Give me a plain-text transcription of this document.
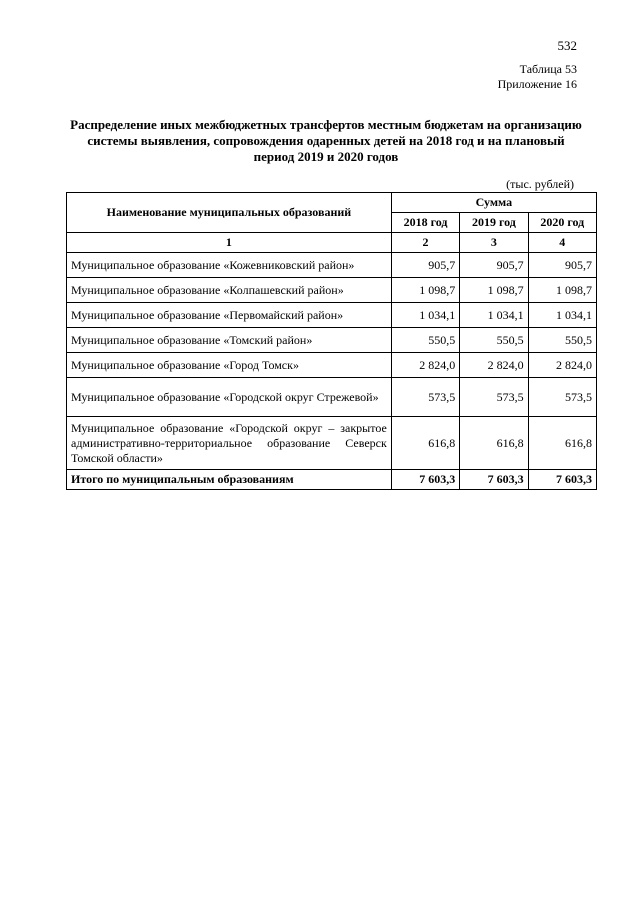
532
Таблица 53
Приложение 16
Распределение иных межбюджетных трансфертов местным бюджетам на организацию системы выявления, сопровождения одаренных детей на 2018 год и на плановый период 2019 и 2020 годов
(тыс. рублей)
Наименование муниципальных образований	Сумма		
	2018 год	2019 год	2020 год
1	2	3	4
Муниципальное образование «Кожевниковский район»	905,7	905,7	905,7
Муниципальное образование «Колпашевский район»	1 098,7	1 098,7	1 098,7
Муниципальное образование «Первомайский район»	1 034,1	1 034,1	1 034,1
Муниципальное образование «Томский район»	550,5	550,5	550,5
Муниципальное образование «Город Томск»	2 824,0	2 824,0	2 824,0
Муниципальное образование «Городской округ Стрежевой»	573,5	573,5	573,5
Муниципальное образование «Городской округ – закрытое административно-территориальное образование Северск Томской области»	616,8	616,8	616,8
Итого по муниципальным образованиям	7 603,3	7 603,3	7 603,3
